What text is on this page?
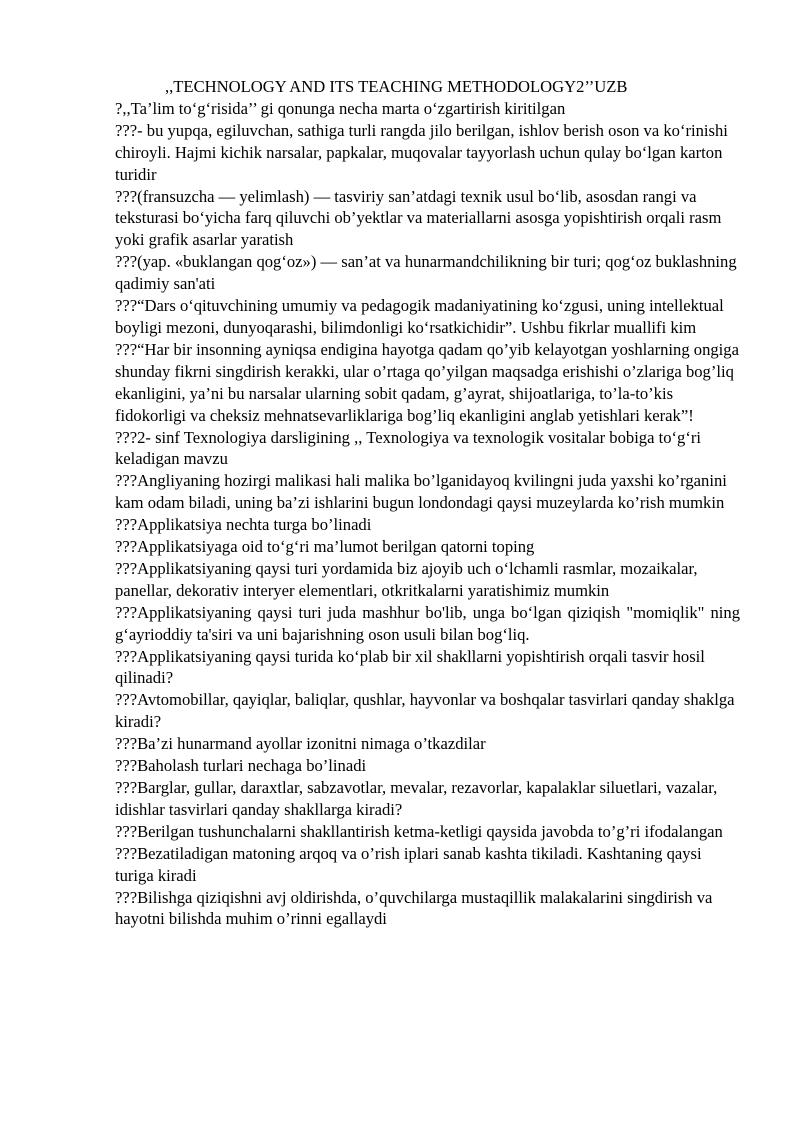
,,TECHNOLOGY AND ITS TEACHING METHODOLOGY2’’UZB
?,,Ta’lim to‘g‘risida’’ gi qonunga necha marta o‘zgartirish kiritilgan
???- bu yupqa, egiluvchan, sathiga turli rangda jilo berilgan, ishlov berish oson va ko‘rinishi chiroyli. Hajmi kichik narsalar, papkalar, muqovalar tayyorlash uchun qulay bo‘lgan karton turidir
???(fransuzcha — yelimlash) — tasviriy san’atdagi texnik usul bo‘lib, asosdan rangi va teksturasi bo‘yicha farq qiluvchi ob’yektlar va materiallarni asosga yopishtirish orqali rasm yoki grafik asarlar yaratish
???(yap. «buklangan qog‘oz») — san’at va hunarmandchilikning bir turi; qog‘oz buklashning qadimiy san'ati
???“Dars o‘qituvchining umumiy va pedagogik madaniyatining ko‘zgusi, uning intellektual boyligi mezoni, dunyoqarashi, bilimdonligi ko‘rsatkichidir”. Ushbu fikrlar muallifi kim
???“Har bir insonning ayniqsa endigina hayotga qadam qo’yib kelayotgan yoshlarning ongiga shunday fikrni singdirish kerakki, ular o’rtaga qo’yilgan maqsadga erishishi o’zlariga bog’liq ekanligini, ya’ni bu narsalar ularning sobit qadam, g’ayrat, shijoatlariga, to’la-to’kis fidokorligi va cheksiz mehnatsevarliklariga bog’liq ekanligini anglab yetishlari kerak”!
???2- sinf Texnologiya darsligining ,, Texnologiya va texnologik vositalar bobiga to‘g‘ri keladigan mavzu
???Angliyaning hozirgi malikasi hali malika bo’lganidayoq kvilingni juda yaxshi ko’rganini kam odam biladi, uning ba’zi ishlarini bugun londondagi qaysi muzeylarda ko’rish mumkin
???Applikatsiya nechta turga bo’linadi
???Applikatsiyaga oid to‘g‘ri ma’lumot berilgan qatorni toping
???Applikatsiyaning qaysi turi yordamida biz ajoyib uch o‘lchamli rasmlar, mozaikalar, panellar, dekorativ interyer elementlari, otkritkalarni yaratishimiz mumkin
???Applikatsiyaning qaysi turi juda mashhur bo'lib, unga bo‘lgan qiziqish "momiqlik" ning g‘ayrioddiy ta'siri va uni bajarishning oson usuli bilan bog‘liq.
???Applikatsiyaning qaysi turida ko‘plab bir xil shakllarni yopishtirish orqali tasvir hosil qilinadi?
???Avtomobillar, qayiqlar, baliqlar, qushlar, hayvonlar va boshqalar tasvirlari qanday shaklga kiradi?
???Ba’zi hunarmand ayollar izonitni nimaga o’tkazdilar
???Baholash turlari nechaga bo’linadi
???Barglar, gullar, daraxtlar, sabzavotlar, mevalar, rezavorlar, kapalaklar siluetlari, vazalar, idishlar tasvirlari qanday shakllarga kiradi?
???Berilgan tushunchalarni shakllantirish ketma-ketligi qaysida javobda to’g’ri ifodalangan
???Bezatiladigan matoning arqoq va o’rish iplari sanab kashta tikiladi. Kashtaning qaysi turiga kiradi
???Bilishga qiziqishni avj oldirishda, o’quvchilarga mustaqillik malakalarini singdirish va hayotni bilishda muhim o’rinni egallaydi
